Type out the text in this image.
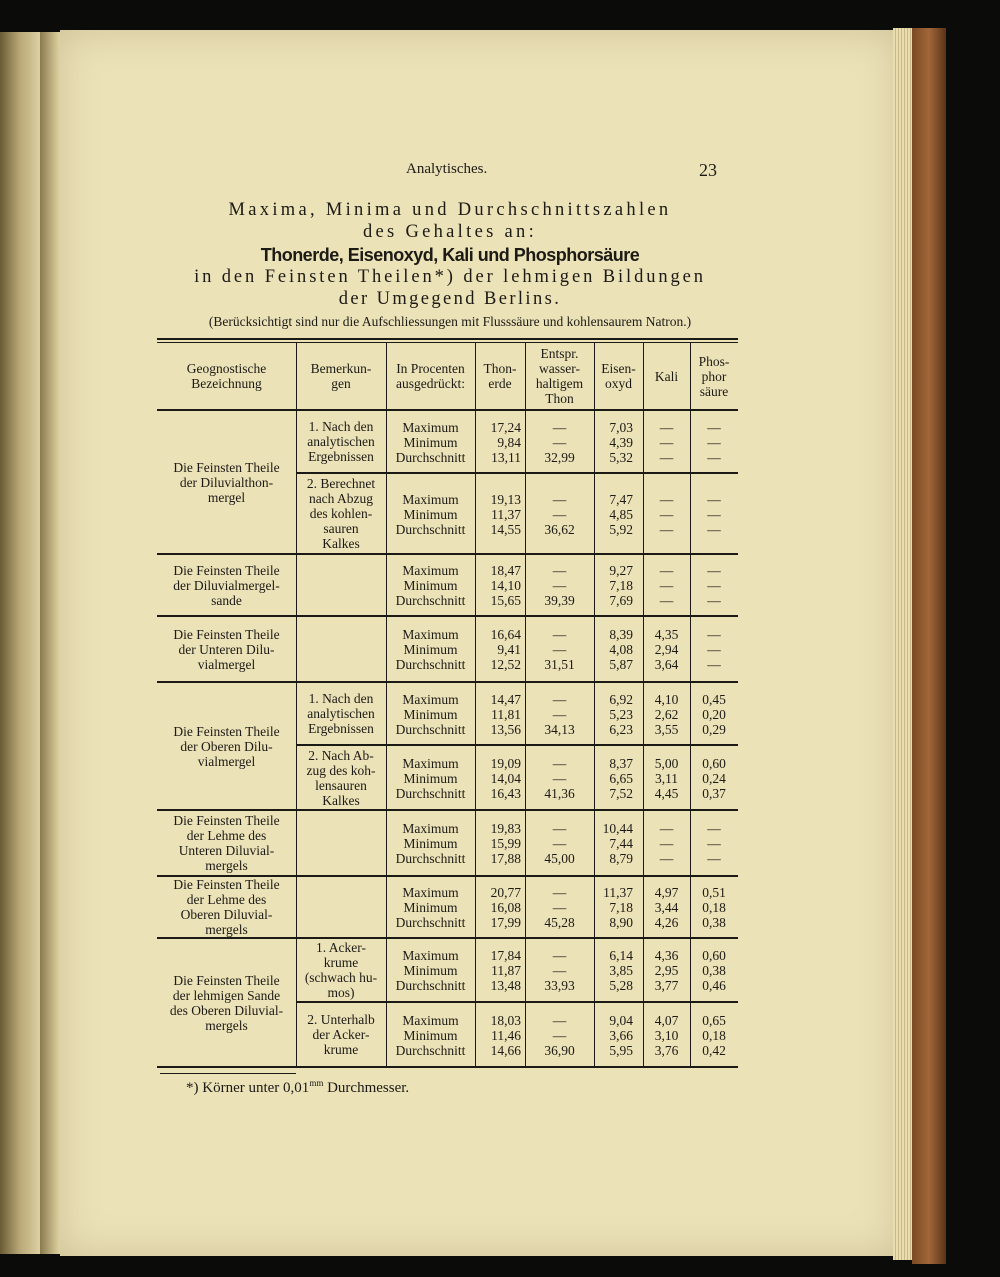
Analytisches.	23
Maxima, Minima und Durchschnittszahlen
des Gehaltes an:
Thonerde, Eisenoxyd, Kali und Phosphorsäure
in den Feinsten Theilen*) der lehmigen Bildungen
der Umgegend Berlins.
(Berücksichtigt sind nur die Aufschliessungen mit Flusssäure und kohlensaurem Natron.)
Geognostische
Bezeichnung
Bemerkun-
gen
In Procenten
ausgedrückt:
Thon-
erde
Entspr.
wasser-
haltigem
Thon
Eisen-
oxyd	Kali
Phos-
phor
säure
Die Feinsten Theile
der Diluvialthon-
mergel
1. Nach den
analytischen
Ergebnissen
Maximum
Minimum
Durchschnitt
17,24
9,84
13,11
—
—
32,99
7,03
4,39
5,32
—
—
—
—
—
—
2. Berechnet
nach Abzug
des kohlen-
sauren
Kalkes
Maximum
Minimum
Durchschnitt
19,13
11,37
14,55
—
—
36,62
7,47
4,85
5,92
—
—
—
—
—
—
Die Feinsten Theile
der Diluvialmergel-
sande
Maximum
Minimum
Durchschnitt
18,47
14,10
15,65
—
—
39,39
9,27
7,18
7,69
—
—
—
—
—
—
Die Feinsten Theile
der Unteren Dilu-
vialmergel
Maximum
Minimum
Durchschnitt
16,64
9,41
12,52
—
—
31,51
8,39
4,08
5,87
4,35
2,94
3,64
—
—
—
Die Feinsten Theile
der Oberen Dilu-
vialmergel
1. Nach den
analytischen
Ergebnissen
Maximum
Minimum
Durchschnitt
14,47
11,81
13,56
—
—
34,13
6,92
5,23
6,23
4,10
2,62
3,55
0,45
0,20
0,29
2. Nach Ab-
zug des koh-
lensauren
Kalkes
Maximum
Minimum
Durchschnitt
19,09
14,04
16,43
—
—
41,36
8,37
6,65
7,52
5,00
3,11
4,45
0,60
0,24
0,37
Die Feinsten Theile
der Lehme des
Unteren Diluvial-
mergels
Maximum
Minimum
Durchschnitt
19,83
15,99
17,88
—
—
45,00
10,44
7,44
8,79
—
—
—
—
—
—
Die Feinsten Theile
der Lehme des
Oberen Diluvial-
mergels
Maximum
Minimum
Durchschnitt
20,77
16,08
17,99
—
—
45,28
11,37
7,18
8,90
4,97
3,44
4,26
0,51
0,18
0,38
Die Feinsten Theile
der lehmigen Sande
des Oberen Diluvial-
mergels
1. Acker-
krume
(schwach hu-
mos)
Maximum
Minimum
Durchschnitt
17,84
11,87
13,48
—
—
33,93
6,14
3,85
5,28
4,36
2,95
3,77
0,60
0,38
0,46
2. Unterhalb
der Acker-
krume
Maximum
Minimum
Durchschnitt
18,03
11,46
14,66
—
—
36,90
9,04
3,66
5,95
4,07
3,10
3,76
0,65
0,18
0,42
*) Körner unter $0,01^{mm}$ Durchmesser.
